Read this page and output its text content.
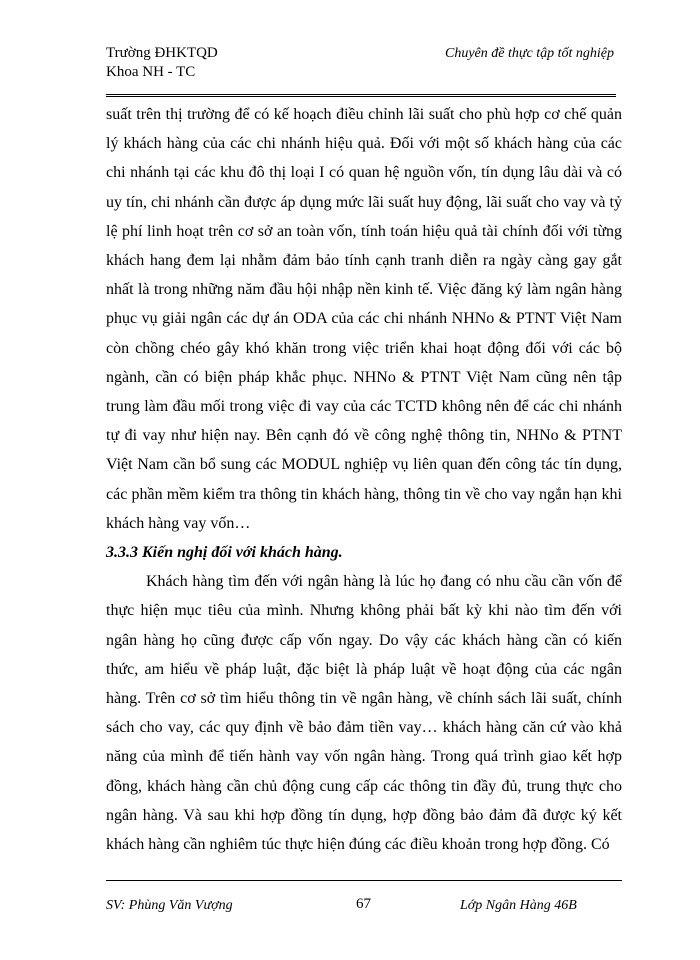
Trường ĐHKTQD
Khoa NH - TC
Chuyên đề thực tập tốt nghiệp

suất trên thị trường để có kế hoạch điều chỉnh lãi suất cho phù hợp cơ chế quản lý khách hàng của các chi nhánh hiệu quả. Đối với một số khách hàng của các chi nhánh tại các khu đô thị loại I có quan hệ nguồn vốn, tín dụng lâu dài và có uy tín, chi nhánh cần được áp dụng mức lãi suất huy động, lãi suất cho vay và tỷ lệ phí linh hoạt trên cơ sở an toàn vốn, tính toán hiệu quả tài chính đối với từng khách hang đem lại nhằm đảm bảo tính cạnh tranh diễn ra ngày càng gay gắt nhất là trong những năm đầu hội nhập nền kinh tế. Việc đăng ký làm ngân hàng phục vụ giải ngân các dự án ODA của các chi nhánh NHNo & PTNT Việt Nam còn chồng chéo gây khó khăn trong việc triển khai hoạt động đối với các bộ ngành, cần có biện pháp khắc phục. NHNo & PTNT Việt Nam cũng nên tập trung làm đầu mối trong việc đi vay của các TCTD không nên để các chi nhánh tự đi vay như hiện nay. Bên cạnh đó về công nghệ thông tin, NHNo & PTNT Việt Nam cần bổ sung các MODUL nghiệp vụ liên quan đến công tác tín dụng, các phần mềm kiểm tra thông tin khách hàng, thông tin về cho vay ngắn hạn khi khách hàng vay vốn…

3.3.3 Kiến nghị đối với khách hàng.

Khách hàng tìm đến với ngân hàng là lúc họ đang có nhu cầu cần vốn để thực hiện mục tiêu của mình. Nhưng không phải bất kỳ khi nào tìm đến với ngân hàng họ cũng được cấp vốn ngay. Do vậy các khách hàng cần có kiến thức, am hiểu về pháp luật, đặc biệt là pháp luật về hoạt động của các ngân hàng. Trên cơ sở tìm hiểu thông tin về ngân hàng, về chính sách lãi suất, chính sách cho vay, các quy định về bảo đảm tiền vay… khách hàng căn cứ vào khả năng của mình để tiến hành vay vốn ngân hàng. Trong quá trình giao kết hợp đồng, khách hàng cần chủ động cung cấp các thông tin đầy đủ, trung thực cho ngân hàng. Và sau khi hợp đồng tín dụng, hợp đồng bảo đảm đã được ký kết khách hàng cần nghiêm túc thực hiện đúng các điều khoản trong hợp đồng. Có

SV: Phùng Văn Vượng	67	Lớp Ngân Hàng 46B
